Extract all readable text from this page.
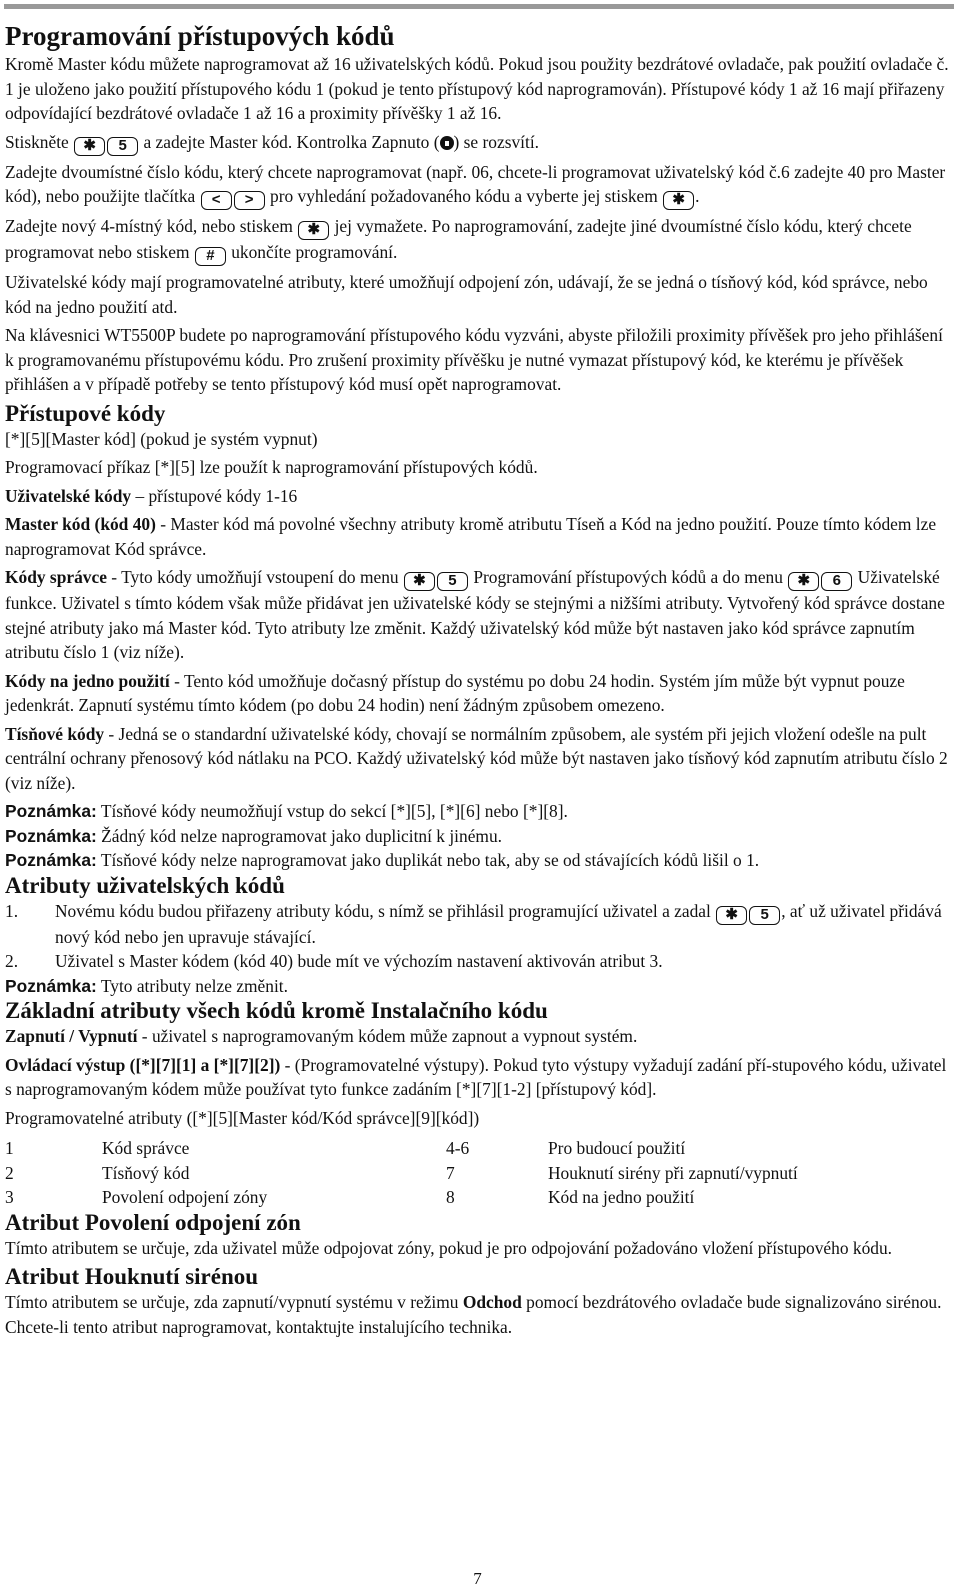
Programování přístupových kódů

Kromě Master kódu můžete naprogramovat až 16 uživatelských kódů. Pokud jsou použity bezdrátové ovladače, pak použití ovladače č. 1 je uloženo jako použití přístupového kódu 1 (pokud je tento přístupový kód naprogramován). Přístupové kódy 1 až 16 mají přiřazeny odpovídající bezdrátové ovladače 1 až 16 a proximity přívěšky 1 až 16.

Stiskněte ✱ 5 a zadejte Master kód. Kontrolka Zapnuto ( ) se rozsvítí.

Zadejte dvoumístné číslo kódu, který chcete naprogramovat (např. 06, chcete-li programovat uživatelský kód č.6 zadejte 40 pro Master kód), nebo použijte tlačítka < > pro vyhledání požadovaného kódu a vyberte jej stiskem ✱ .

Zadejte nový 4-místný kód, nebo stiskem ✱ jej vymažete. Po naprogramování, zadejte jiné dvoumístné číslo kódu, který chcete programovat nebo stiskem # ukončíte programování.

Uživatelské kódy mají programovatelné atributy, které umožňují odpojení zón, udávají, že se jedná o tísňový kód, kód správce, nebo kód na jedno použití atd.

Na klávesnici WT5500P budete po naprogramování přístupového kódu vyzváni, abyste přiložili proximity přívěšek pro jeho přihlášení k programovanému přístupovému kódu. Pro zrušení proximity přívěšku je nutné vymazat přístupový kód, ke kterému je přívěšek přihlášen a v případě potřeby se tento přístupový kód musí opět naprogramovat.

Přístupové kódy

[*][5][Master kód] (pokud je systém vypnut)

Programovací příkaz [*][5] lze použít k naprogramování přístupových kódů.

Uživatelské kódy – přístupové kódy 1-16

Master kód (kód 40) - Master kód má povolné všechny atributy kromě atributu Tíseň a Kód na jedno použití. Pouze tímto kódem lze naprogramovat Kód správce.

Kódy správce - Tyto kódy umožňují vstoupení do menu ✱ 5 Programování přístupových kódů a do menu ✱ 6 Uživatelské funkce. Uživatel s tímto kódem však může přidávat jen uživatelské kódy se stejnými a nižšími atributy. Vytvořený kód správce dostane stejné atributy jako má Master kód. Tyto atributy lze změnit. Každý uživatelský kód může být nastaven jako kód správce zapnutím atributu číslo 1 (viz níže).

Kódy na jedno použití - Tento kód umožňuje dočasný přístup do systému po dobu 24 hodin. Systém jím může být vypnut pouze jedenkrát. Zapnutí systému tímto kódem (po dobu 24 hodin) není žádným způsobem omezeno.

Tísňové kódy - Jedná se o standardní uživatelské kódy, chovají se normálním způsobem, ale systém při jejich vložení odešle na pult centrální ochrany přenosový kód nátlaku na PCO. Každý uživatelský kód může být nastaven jako tísňový kód zapnutím atributu číslo 2 (viz níže).

Poznámka: Tísňové kódy neumožňují vstup do sekcí [*][5], [*][6] nebo [*][8].
Poznámka: Žádný kód nelze naprogramovat jako duplicitní k jinému.
Poznámka: Tísňové kódy nelze naprogramovat jako duplikát nebo tak, aby se od stávajících kódů lišil o 1.
Atributy uživatelských kódů
1. Novému kódu budou přiřazeny atributy kódu, s nímž se přihlásil programující uživatel a zadal ✱ 5 , ať už uživatel přidává nový kód nebo jen upravuje stávající.
2. Uživatel s Master kódem (kód 40) bude mít ve výchozím nastavení aktivován atribut 3.
Poznámka: Tyto atributy nelze změnit.
Základní atributy všech kódů kromě Instalačního kódu

Zapnutí / Vypnutí - uživatel s naprogramovaným kódem může zapnout a vypnout systém.

Ovládací výstup ([*][7][1] a [*][7][2]) - (Programovatelné výstupy). Pokud tyto výstupy vyžadují zadání pří-stupového kódu, uživatel s naprogramovaným kódem může používat tyto funkce zadáním [*][7][1-2] [přístupový kód].

Programovatelné atributy ([*][5][Master kód/Kód správce][9][kód])

1	Kód správce	4-6	Pro budoucí použití
2	Tísňový kód	7	Houknutí sirény při zapnutí/vypnutí
3	Povolení odpojení zóny	8	Kód na jedno použití
Atribut Povolení odpojení zón

Tímto atributem se určuje, zda uživatel může odpojovat zóny, pokud je pro odpojování požadováno vložení přístupového kódu.

Atribut Houknutí sirénou

Tímto atributem se určuje, zda zapnutí/vypnutí systému v režimu Odchod pomocí bezdrátového ovladače bude signalizováno sirénou. Chcete-li tento atribut naprogramovat, kontaktujte instalujícího technika.

7
